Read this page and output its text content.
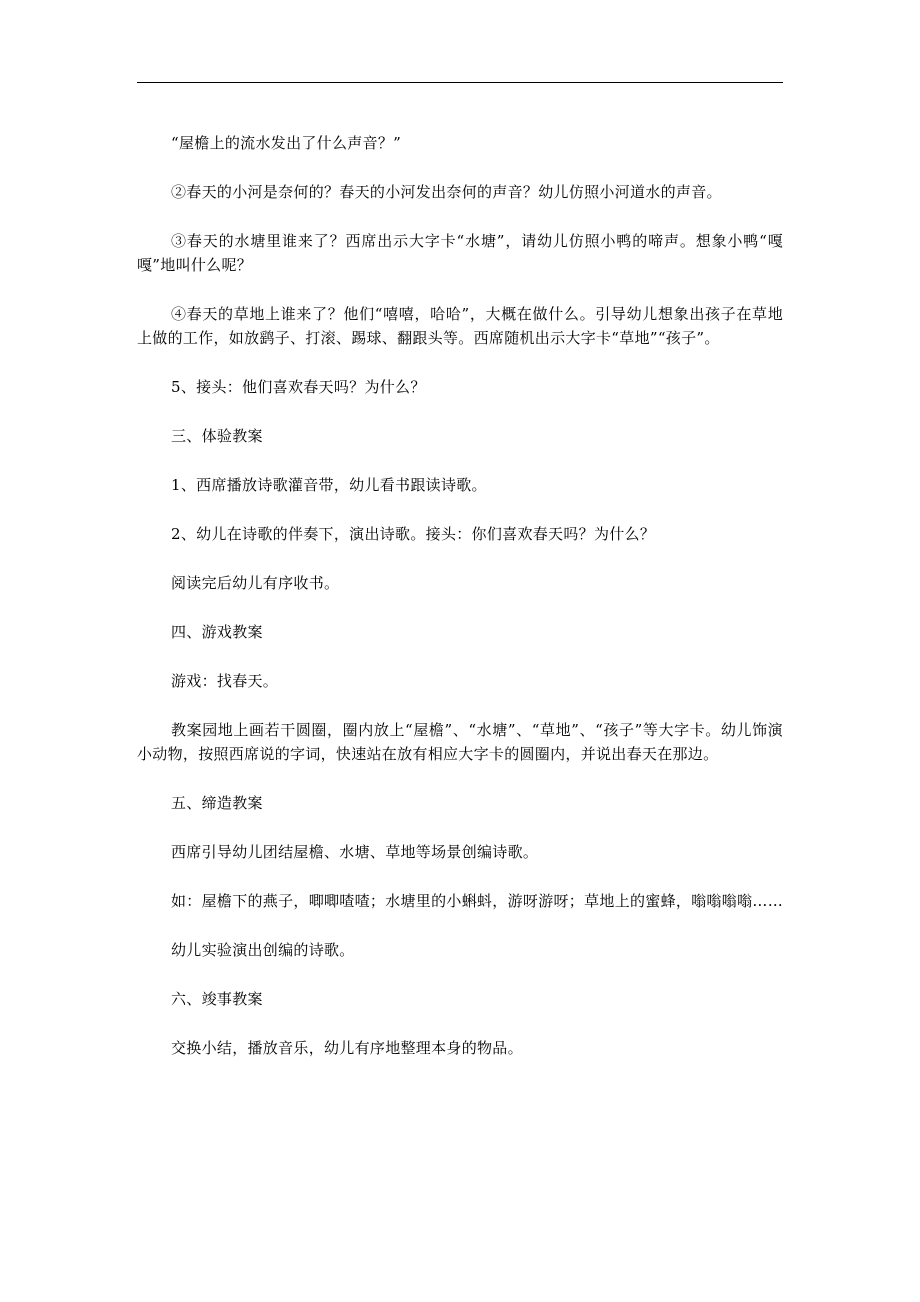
“屋檐上的流水发出了什么声音？”

②春天的小河是奈何的？春天的小河发出奈何的声音？幼儿仿照小河道水的声音。

③春天的水塘里谁来了？西席出示大字卡“水塘”，请幼儿仿照小鸭的啼声。想象小鸭“嘎嘎”地叫什么呢？

④春天的草地上谁来了？他们“嘻嘻，哈哈”，大概在做什么。引导幼儿想象出孩子在草地上做的工作，如放鹞子、打滚、踢球、翻跟头等。西席随机出示大字卡“草地”“孩子”。

5、接头：他们喜欢春天吗？为什么？

三、体验教案

1、西席播放诗歌灌音带，幼儿看书跟读诗歌。

2、幼儿在诗歌的伴奏下，演出诗歌。接头：你们喜欢春天吗？为什么？

阅读完后幼儿有序收书。

四、游戏教案

游戏：找春天。

教案园地上画若干圆圈，圈内放上“屋檐”、“水塘”、“草地”、“孩子”等大字卡。幼儿饰演小动物，按照西席说的字词，快速站在放有相应大字卡的圆圈内，并说出春天在那边。

五、缔造教案

西席引导幼儿团结屋檐、水塘、草地等场景创编诗歌。

如：屋檐下的燕子，唧唧喳喳；水塘里的小蝌蚪，游呀游呀；草地上的蜜蜂，嗡嗡嗡嗡……

幼儿实验演出创编的诗歌。

六、竣事教案

交换小结，播放音乐，幼儿有序地整理本身的物品。
